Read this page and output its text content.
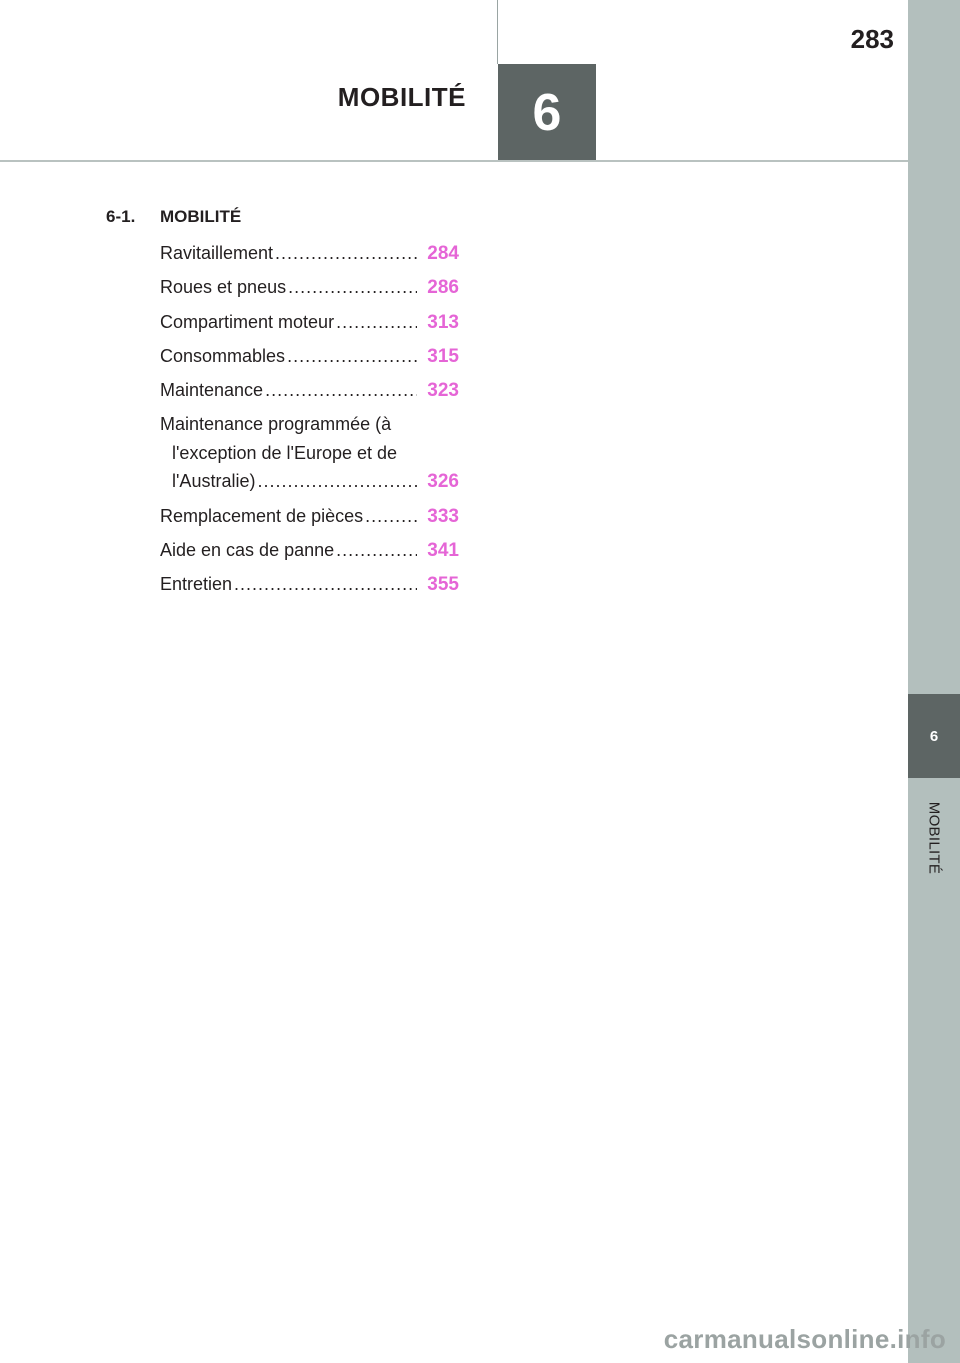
283
MOBILITÉ 6
6
MOBILITÉ
6-1.	MOBILITÉ
Ravitaillement .....	284
Roues et pneus .....	286
Compartiment moteur .....	313
Consommables .....	315
Maintenance .....	323
Maintenance programmée (à
l'exception de l'Europe et de
l'Australie) .....	326
Remplacement de pièces .....	333
Aide en cas de panne .....	341
Entretien .....	355
carmanualsonline.info
